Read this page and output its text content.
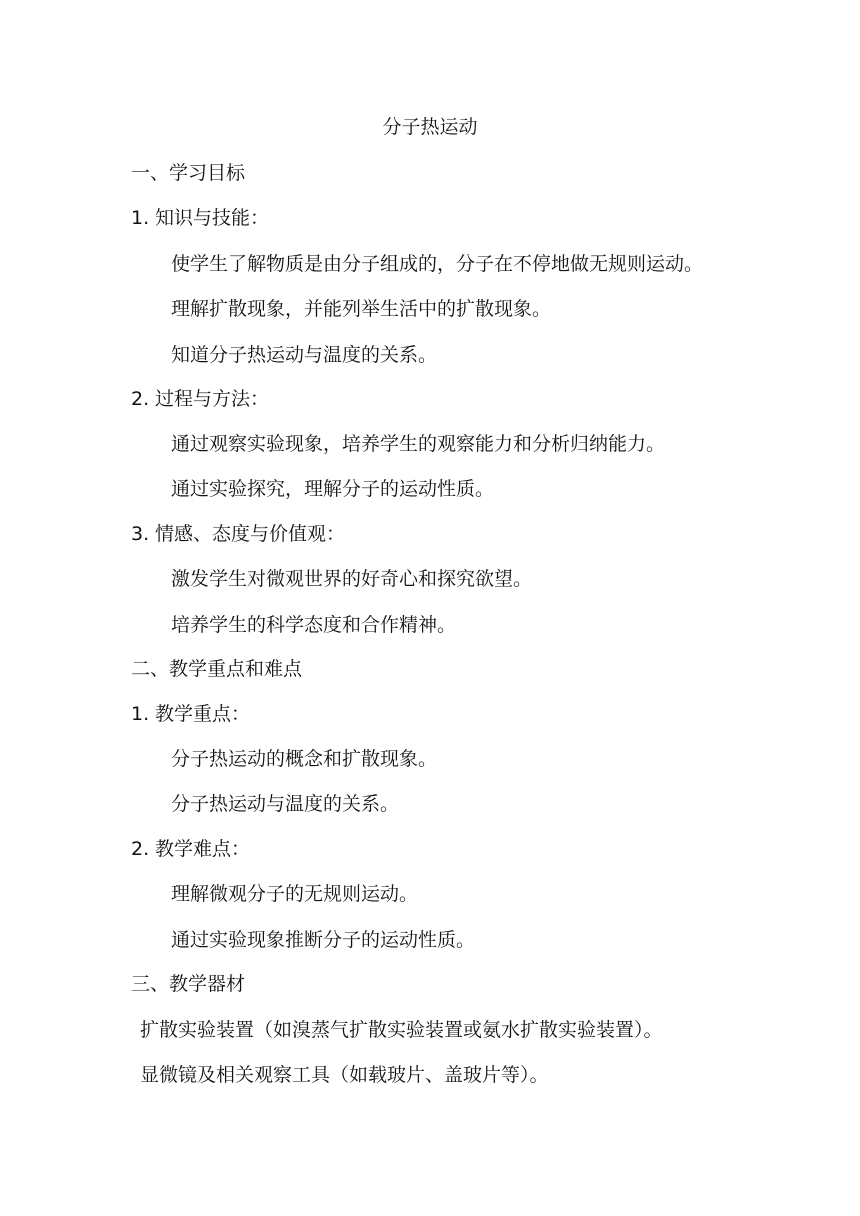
分子热运动
一、学习目标
1. 知识与技能：
使学生了解物质是由分子组成的，分子在不停地做无规则运动。
理解扩散现象，并能列举生活中的扩散现象。
知道分子热运动与温度的关系。
2. 过程与方法：
通过观察实验现象，培养学生的观察能力和分析归纳能力。
通过实验探究，理解分子的运动性质。
3. 情感、态度与价值观：
激发学生对微观世界的好奇心和探究欲望。
培养学生的科学态度和合作精神。
二、教学重点和难点
1. 教学重点：
分子热运动的概念和扩散现象。
分子热运动与温度的关系。
2. 教学难点：
理解微观分子的无规则运动。
通过实验现象推断分子的运动性质。
三、教学器材
扩散实验装置（如溴蒸气扩散实验装置或氨水扩散实验装置）。
显微镜及相关观察工具（如载玻片、盖玻片等）。
